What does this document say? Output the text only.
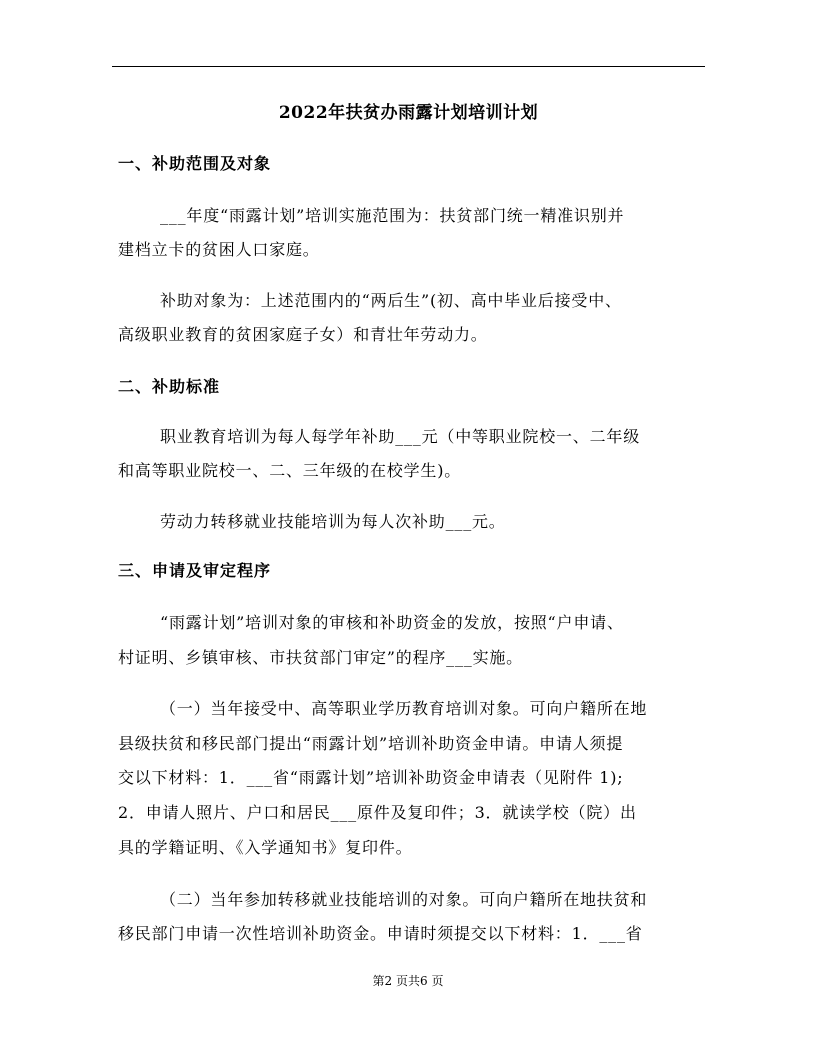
2022年扶贫办雨露计划培训计划
一、补助范围及对象
___年度“雨露计划”培训实施范围为：扶贫部门统一精准识别并
建档立卡的贫困人口家庭。
补助对象为：上述范围内的“两后生”(初、高中毕业后接受中、
高级职业教育的贫困家庭子女）和青壮年劳动力。
二、补助标准
职业教育培训为每人每学年补助___元（中等职业院校一、二年级
和高等职业院校一、二、三年级的在校学生)。
劳动力转移就业技能培训为每人次补助___元。
三、申请及审定程序
“雨露计划”培训对象的审核和补助资金的发放，按照“户申请、
村证明、乡镇审核、市扶贫部门审定”的程序___实施。
（一）当年接受中、高等职业学历教育培训对象。可向户籍所在地
县级扶贫和移民部门提出“雨露计划”培训补助资金申请。申请人须提
交以下材料：1．___省“雨露计划”培训补助资金申请表（见附件 1);
2．申请人照片、户口和居民___原件及复印件；3．就读学校（院）出
具的学籍证明、《入学通知书》复印件。
（二）当年参加转移就业技能培训的对象。可向户籍所在地扶贫和
移民部门申请一次性培训补助资金。申请时须提交以下材料：1．___省
第2 页共6 页
